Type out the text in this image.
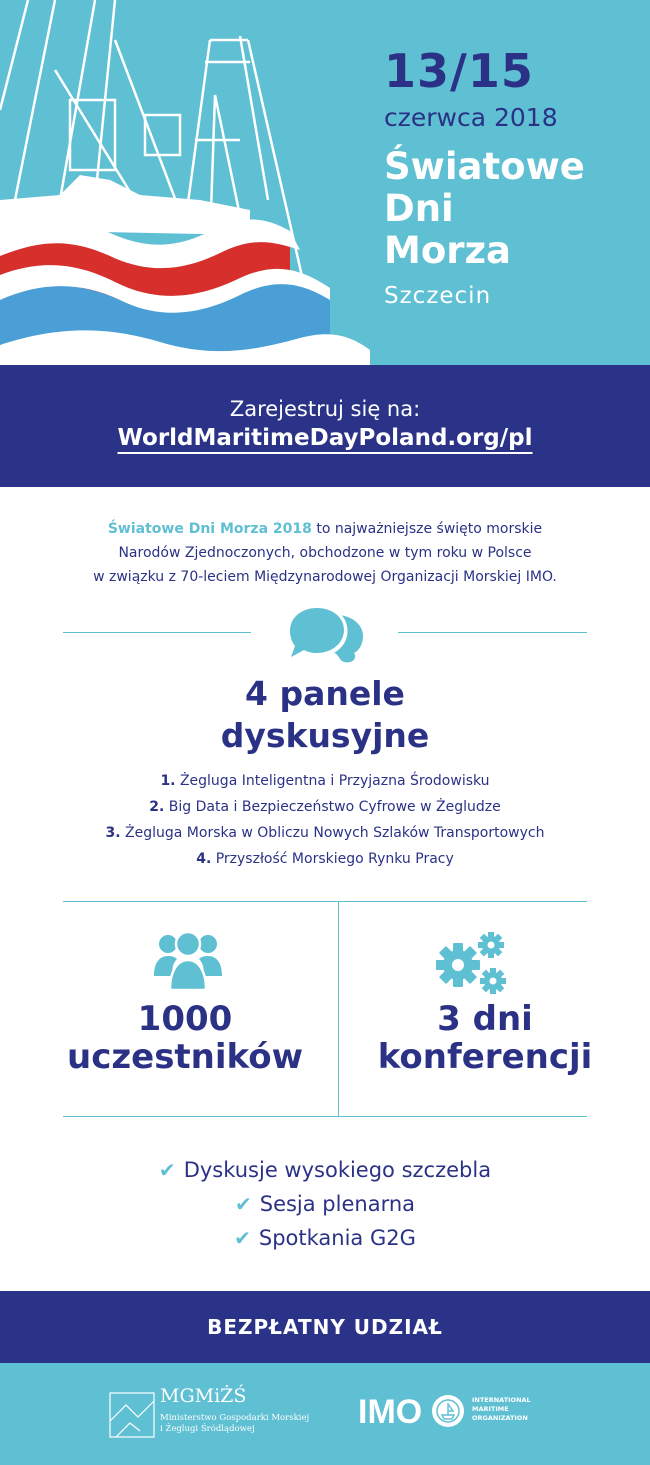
13/15
czerwca 2018
Światowe
Dni
Morza
Szczecin
Zarejestruj się na:
WorldMaritimeDayPoland.org/pl
Światowe Dni Morza 2018 to najważniejsze święto morskie
Narodów Zjednoczonych, obchodzone w tym roku w Polsce
w związku z 70-leciem Międzynarodowej Organizacji Morskiej IMO.
4 panele
dyskusyjne
1. Żegluga Inteligentna i Przyjazna Środowisku
2. Big Data i Bezpieczeństwo Cyfrowe w Żegludze
3. Żegluga Morska w Obliczu Nowych Szlaków Transportowych
4. Przyszłość Morskiego Rynku Pracy
1000
uczestników
3 dni
konferencji
✔ Dyskusje wysokiego szczebla
✔ Sesja plenarna
✔ Spotkania G2G
BEZPŁATNY UDZIAŁ
MGMiŻŚ
Ministerstwo Gospodarki Morskiej i Żeglugi Śródlądowej	IMO	INTERNATIONAL MARITIME ORGANIZATION
